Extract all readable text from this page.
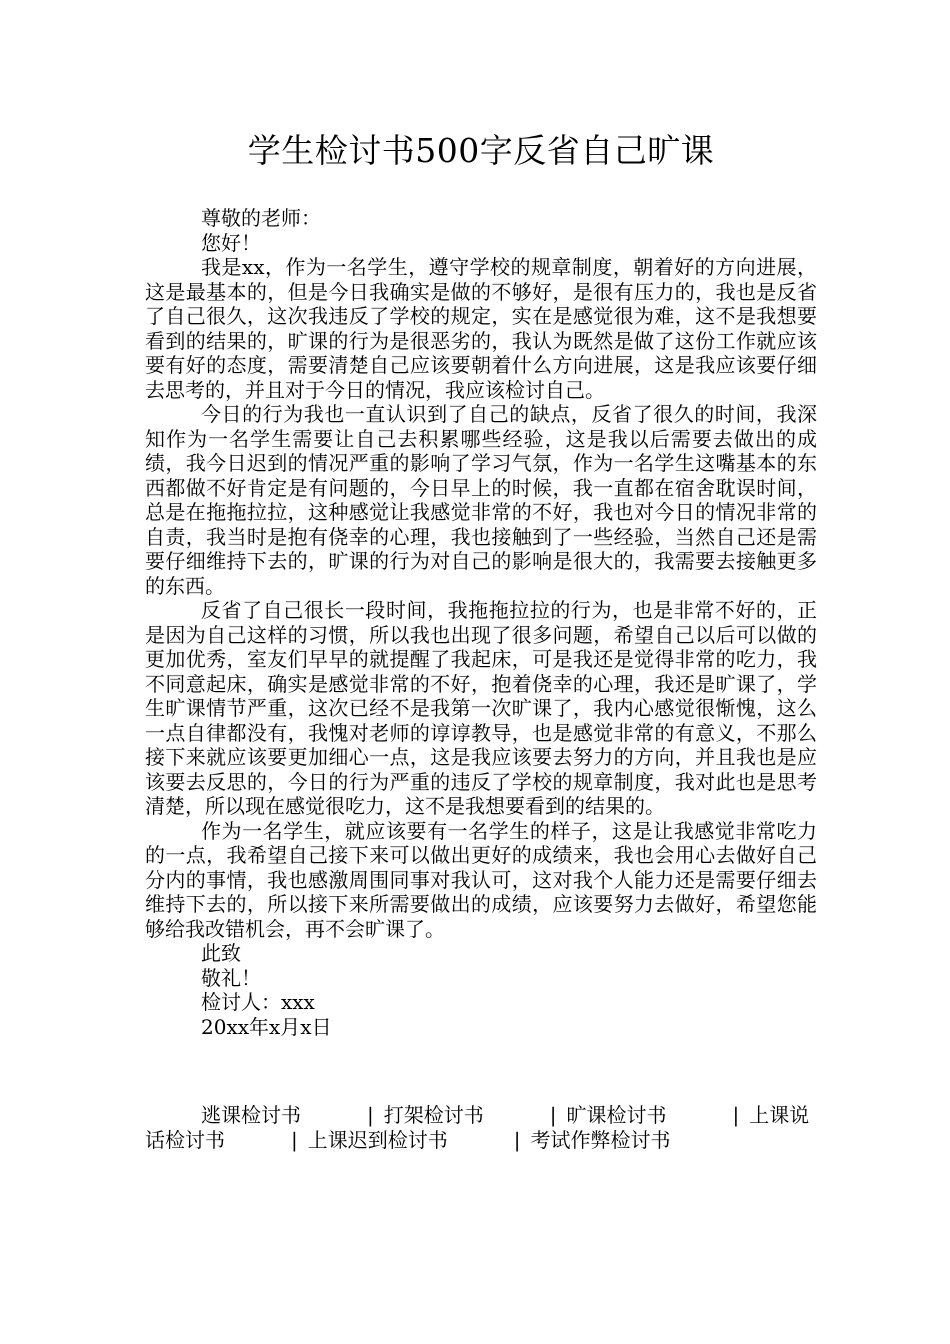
学生检讨书500字反省自己旷课

尊敬的老师：

您好！

我是xx，作为一名学生，遵守学校的规章制度，朝着好的方向进展，这是最基本的，但是今日我确实是做的不够好，是很有压力的，我也是反省了自己很久，这次我违反了学校的规定，实在是感觉很为难，这不是我想要看到的结果的，旷课的行为是很恶劣的，我认为既然是做了这份工作就应该要有好的态度，需要清楚自己应该要朝着什么方向进展，这是我应该要仔细去思考的，并且对于今日的情况，我应该检讨自己。

今日的行为我也一直认识到了自己的缺点，反省了很久的时间，我深知作为一名学生需要让自己去积累哪些经验，这是我以后需要去做出的成绩，我今日迟到的情况严重的影响了学习气氛，作为一名学生这嘴基本的东西都做不好肯定是有问题的，今日早上的时候，我一直都在宿舍耽误时间，总是在拖拖拉拉，这种感觉让我感觉非常的不好，我也对今日的情况非常的自责，我当时是抱有侥幸的心理，我也接触到了一些经验，当然自己还是需要仔细维持下去的，旷课的行为对自己的影响是很大的，我需要去接触更多的东西。

反省了自己很长一段时间，我拖拖拉拉的行为，也是非常不好的，正是因为自己这样的习惯，所以我也出现了很多问题，希望自己以后可以做的更加优秀，室友们早早的就提醒了我起床，可是我还是觉得非常的吃力，我不同意起床，确实是感觉非常的不好，抱着侥幸的心理，我还是旷课了，学生旷课情节严重，这次已经不是我第一次旷课了，我内心感觉很惭愧，这么一点自律都没有，我愧对老师的谆谆教导，也是感觉非常的有意义，不那么接下来就应该要更加细心一点，这是我应该要去努力的方向，并且我也是应该要去反思的，今日的行为严重的违反了学校的规章制度，我对此也是思考清楚，所以现在感觉很吃力，这不是我想要看到的结果的。

作为一名学生，就应该要有一名学生的样子，这是让我感觉非常吃力的一点，我希望自己接下来可以做出更好的成绩来，我也会用心去做好自己分内的事情，我也感激周围同事对我认可，这对我个人能力还是需要仔细去维持下去的，所以接下来所需要做出的成绩，应该要努力去做好，希望您能够给我改错机会，再不会旷课了。

此致

敬礼！

检讨人：xxx

20xx年x月x日

逃课检讨书	| 打架检讨书	| 旷课检讨书	| 上课说话检讨书	| 上课迟到检讨书	| 考试作弊检讨书
